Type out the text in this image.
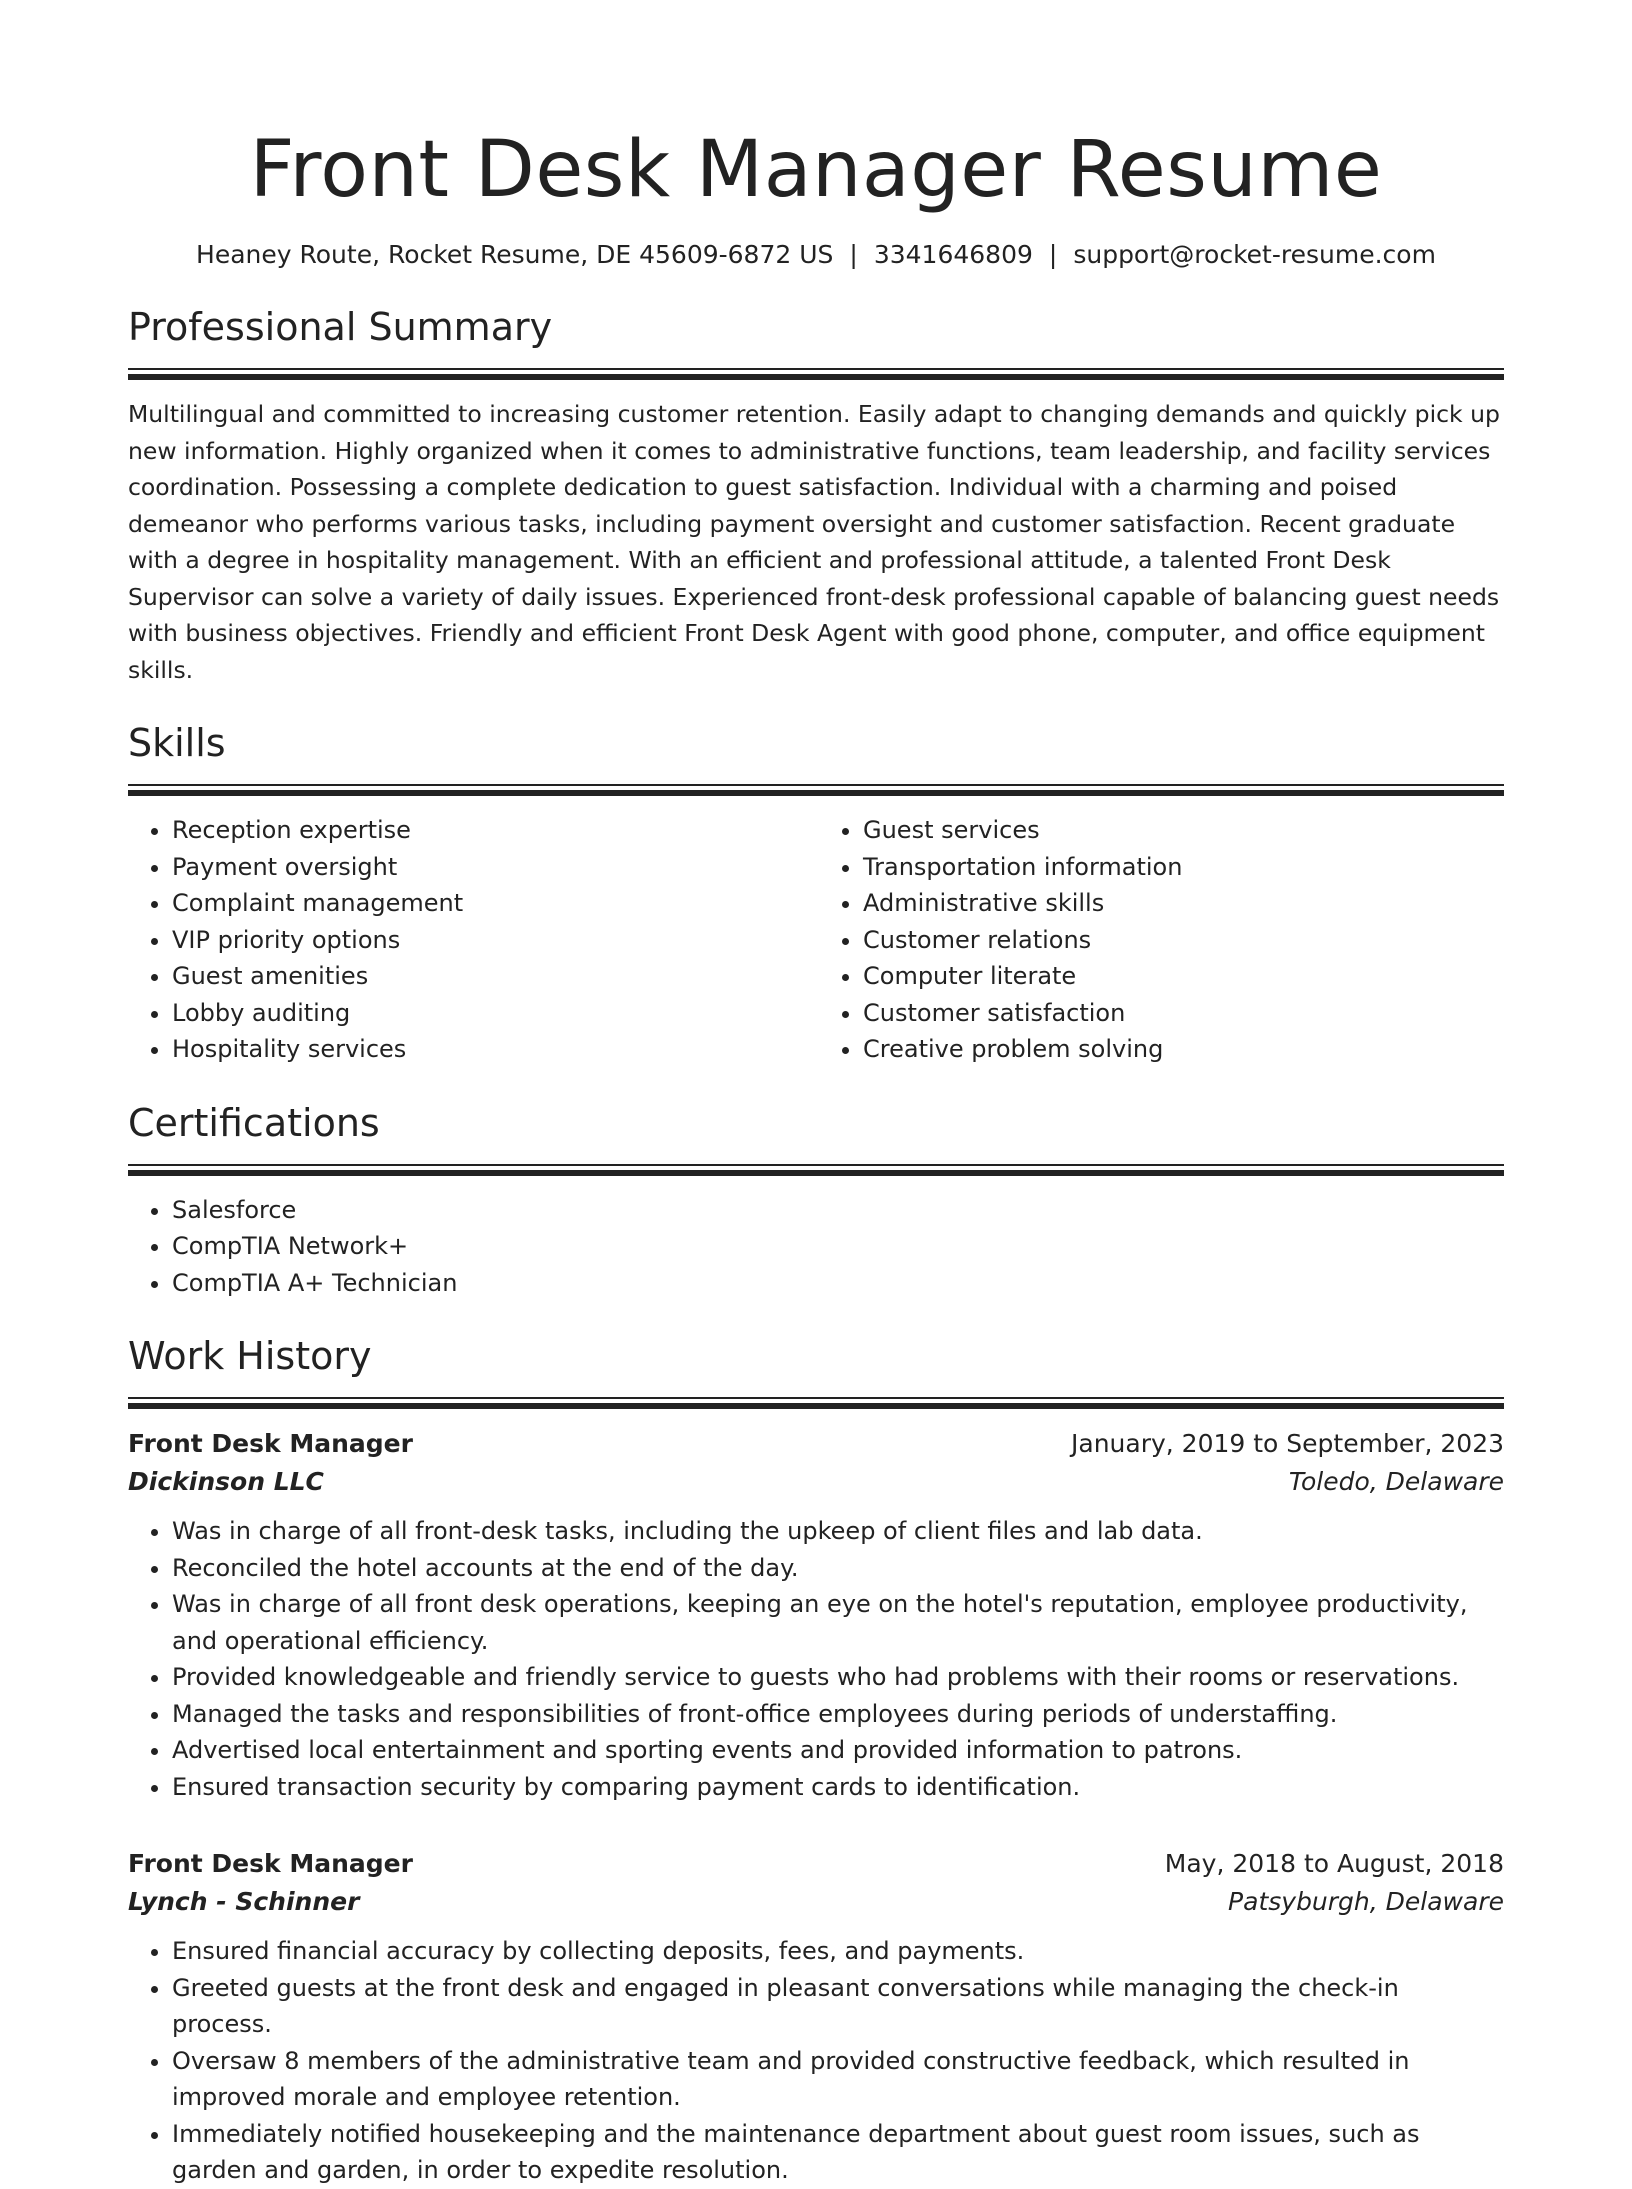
Front Desk Manager Resume
Heaney Route, Rocket Resume, DE 45609-6872 US | 3341646809 | support@rocket-resume.com
Professional Summary

Multilingual and committed to increasing customer retention. Easily adapt to changing demands and quickly pick up new information. Highly organized when it comes to administrative functions, team leadership, and facility services coordination. Possessing a complete dedication to guest satisfaction. Individual with a charming and poised demeanor who performs various tasks, including payment oversight and customer satisfaction. Recent graduate with a degree in hospitality management. With an efficient and professional attitude, a talented Front Desk Supervisor can solve a variety of daily issues. Experienced front-desk professional capable of balancing guest needs with business objectives. Friendly and efficient Front Desk Agent with good phone, computer, and office equipment skills.

Skills
• Reception expertise
• Payment oversight
• Complaint management
• VIP priority options
• Guest amenities
• Lobby auditing
• Hospitality services
• Guest services
• Transportation information
• Administrative skills
• Customer relations
• Computer literate
• Customer satisfaction
• Creative problem solving
Certifications
• Salesforce
• CompTIA Network+
• CompTIA A+ Technician
Work History
Front Desk Manager	January, 2019 to September, 2023
Dickinson LLC	Toledo, Delaware
• Was in charge of all front-desk tasks, including the upkeep of client files and lab data.
• Reconciled the hotel accounts at the end of the day.
• Was in charge of all front desk operations, keeping an eye on the hotel's reputation, employee productivity, and operational efficiency.
• Provided knowledgeable and friendly service to guests who had problems with their rooms or reservations.
• Managed the tasks and responsibilities of front-office employees during periods of understaffing.
• Advertised local entertainment and sporting events and provided information to patrons.
• Ensured transaction security by comparing payment cards to identification.
Front Desk Manager	May, 2018 to August, 2018
Lynch - Schinner	Patsyburgh, Delaware
• Ensured financial accuracy by collecting deposits, fees, and payments.
• Greeted guests at the front desk and engaged in pleasant conversations while managing the check-in process.
• Oversaw 8 members of the administrative team and provided constructive feedback, which resulted in improved morale and employee retention.
• Immediately notified housekeeping and the maintenance department about guest room issues, such as garden and garden, in order to expedite resolution.
